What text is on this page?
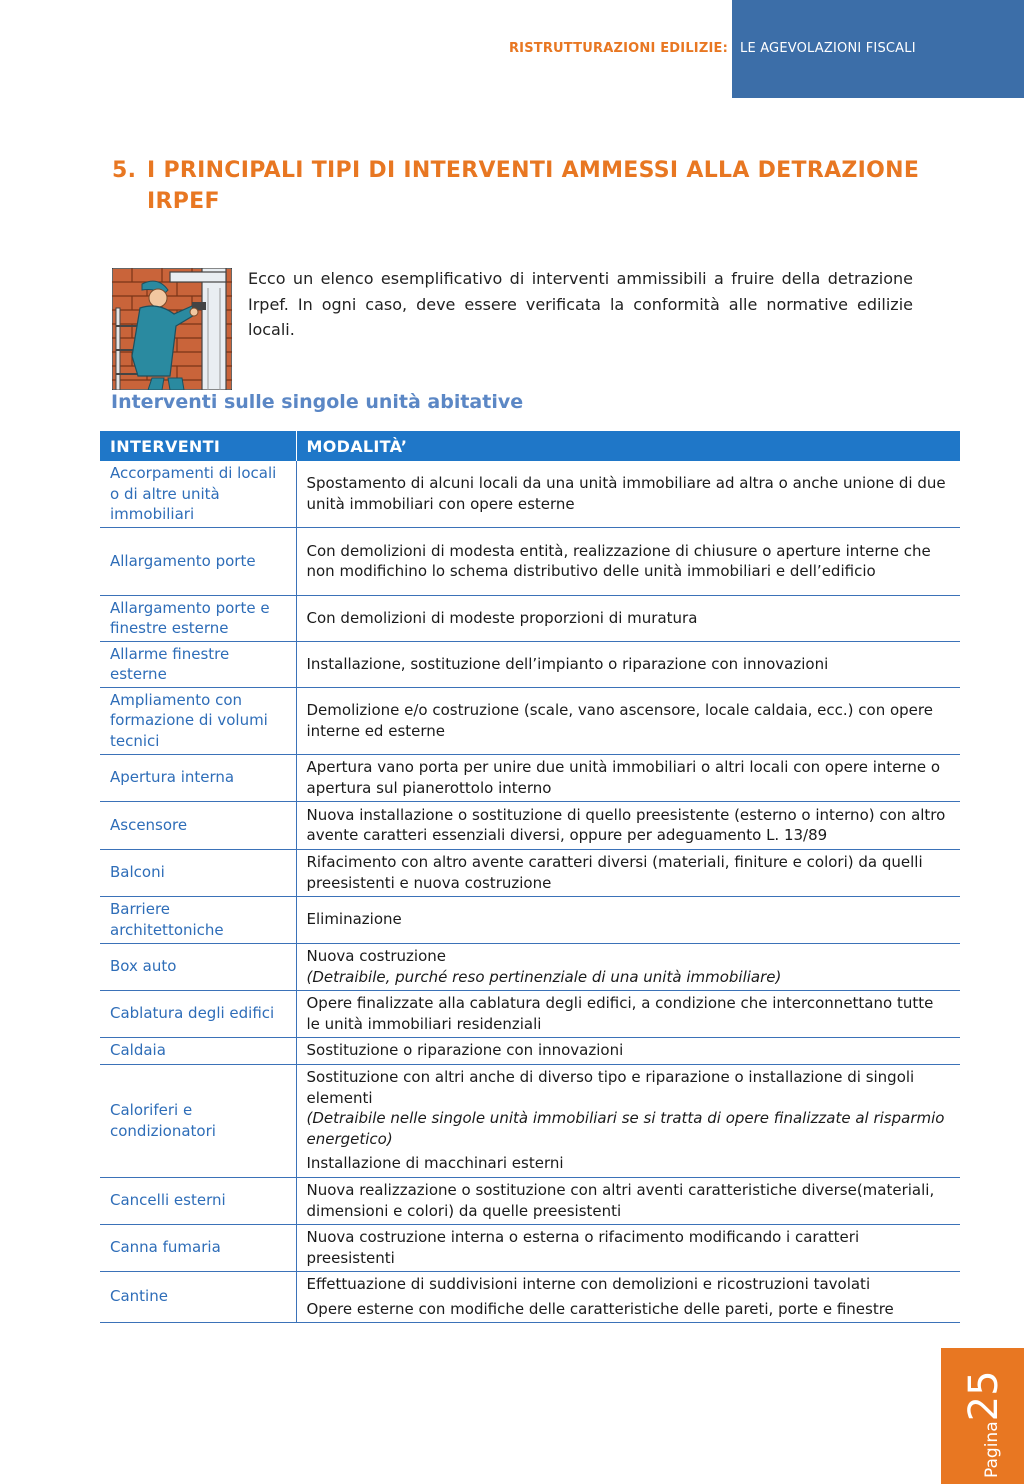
RISTRUTTURAZIONI EDILIZIE: LE AGEVOLAZIONI FISCALI
5. I PRINCIPALI TIPI DI INTERVENTI AMMESSI ALLA DETRAZIONE
IRPEF
Ecco un elenco esemplificativo di interventi ammissibili a fruire della detrazione Irpef. In ogni caso, deve essere verificata la conformità alle normative edilizie locali.
Interventi sulle singole unità abitative
INTERVENTI	MODALITÀ’
Accorpamenti di locali o di altre unità immobiliari	Spostamento di alcuni locali da una unità immobiliare ad altra o anche unione di due unità immobiliari con opere esterne
Allargamento porte	Con demolizioni di modesta entità, realizzazione di chiusure o aperture interne che non modifichino lo schema distributivo delle unità immobiliari e dell’edificio
Allargamento porte e finestre esterne	Con demolizioni di modeste proporzioni di muratura
Allarme finestre esterne	Installazione, sostituzione dell’impianto o riparazione con innovazioni
Ampliamento con formazione di volumi tecnici	Demolizione e/o costruzione (scale, vano ascensore, locale caldaia, ecc.) con opere interne ed esterne
Apertura interna	Apertura vano porta per unire due unità immobiliari o altri locali con opere interne o apertura sul pianerottolo interno
Ascensore	Nuova installazione o sostituzione di quello preesistente (esterno o interno) con altro avente caratteri essenziali diversi, oppure per adeguamento L. 13/89
Balconi	Rifacimento con altro avente caratteri diversi (materiali, finiture e colori) da quelli preesistenti e nuova costruzione
Barriere architettoniche	Eliminazione
Box auto	Nuova costruzione
(Detraibile, purché reso pertinenziale di una unità immobiliare)

Cablatura degli edifici	Opere finalizzate alla cablatura degli edifici, a condizione che interconnettano tutte le unità immobiliari residenziali
Caldaia	Sostituzione o riparazione con innovazioni
Caloriferi e condizionatori	Sostituzione con altri anche di diverso tipo e riparazione o installazione di singoli elementi
(Detraibile nelle singole unità immobiliari se si tratta di opere finalizzate al risparmio energetico)
Installazione di macchinari esterni

Cancelli esterni	Nuova realizzazione o sostituzione con altri aventi caratteristiche diverse(materiali, dimensioni e colori) da quelle preesistenti
Canna fumaria	Nuova costruzione interna o esterna o rifacimento modificando i caratteri preesistenti
Cantine	Effettuazione di suddivisioni interne con demolizioni e ricostruzioni tavolati
Opere esterne con modifiche delle caratteristiche delle pareti, porte e finestre
Pagina25
